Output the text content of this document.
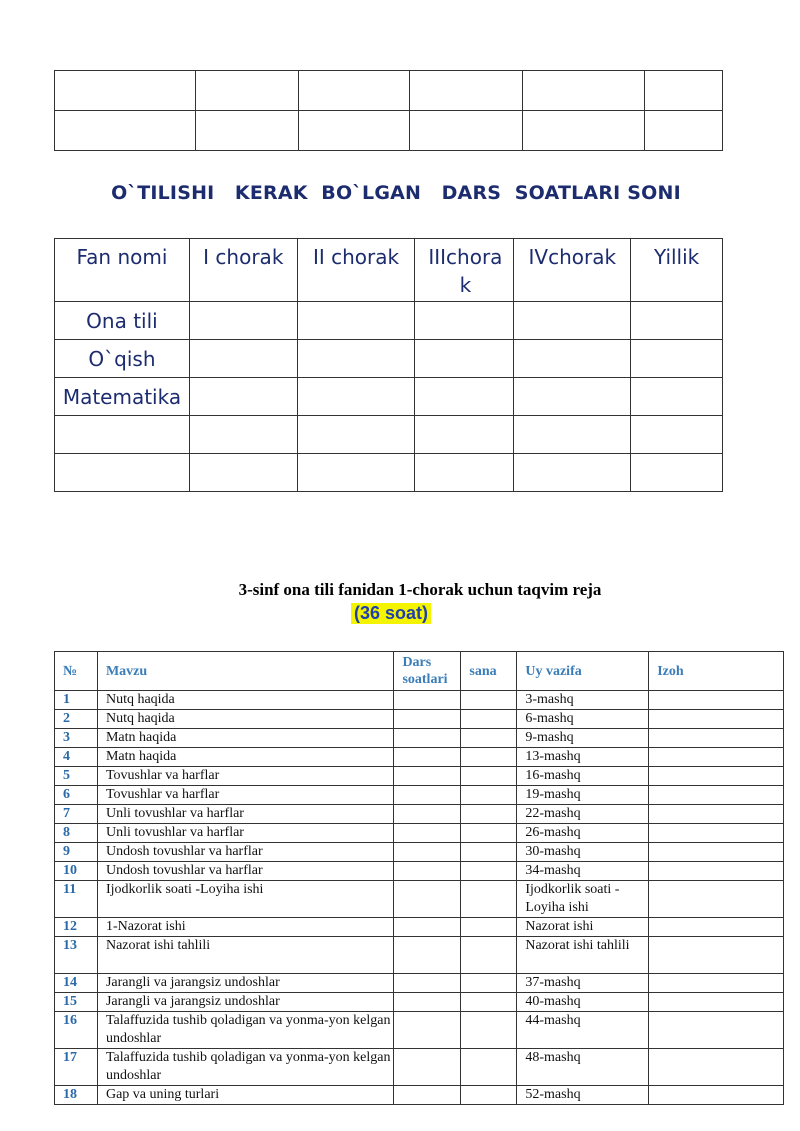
O`TILISHI   KERAK  BO`LGAN   DARS  SOATLARI SONI
Fan nomi	I chorak	II chorak	IIIchora k	IVchorak	Yillik
Ona tili					
O`qish					
Matematika					

3-sinf ona tili fanidan 1-chorak uchun taqvim reja
(36 soat)
№	Mavzu	Dars soatlari	sana	Uy vazifa	Izoh
1	Nutq haqida			3-mashq	
2	Nutq haqida			6-mashq	
3	Matn haqida			9-mashq	
4	Matn haqida			13-mashq	
5	Tovushlar va harflar			16-mashq	
6	Tovushlar va harflar			19-mashq	
7	Unli tovushlar va harflar			22-mashq	
8	Unli tovushlar va harflar			26-mashq	
9	Undosh tovushlar va harflar			30-mashq	
10	Undosh tovushlar va harflar			34-mashq	
11	Ijodkorlik soati -Loyiha ishi			Ijodkorlik soati -Loyiha ishi	
12	1-Nazorat ishi			Nazorat ishi	
13	Nazorat ishi tahlili			Nazorat ishi tahlili	
14	Jarangli va jarangsiz undoshlar			37-mashq	
15	Jarangli va jarangsiz undoshlar			40-mashq	
16	Talaffuzida tushib qoladigan va yonma-yon kelgan undoshlar			44-mashq	
17	Talaffuzida tushib qoladigan va yonma-yon kelgan undoshlar			48-mashq	
18	Gap va uning turlari			52-mashq	
